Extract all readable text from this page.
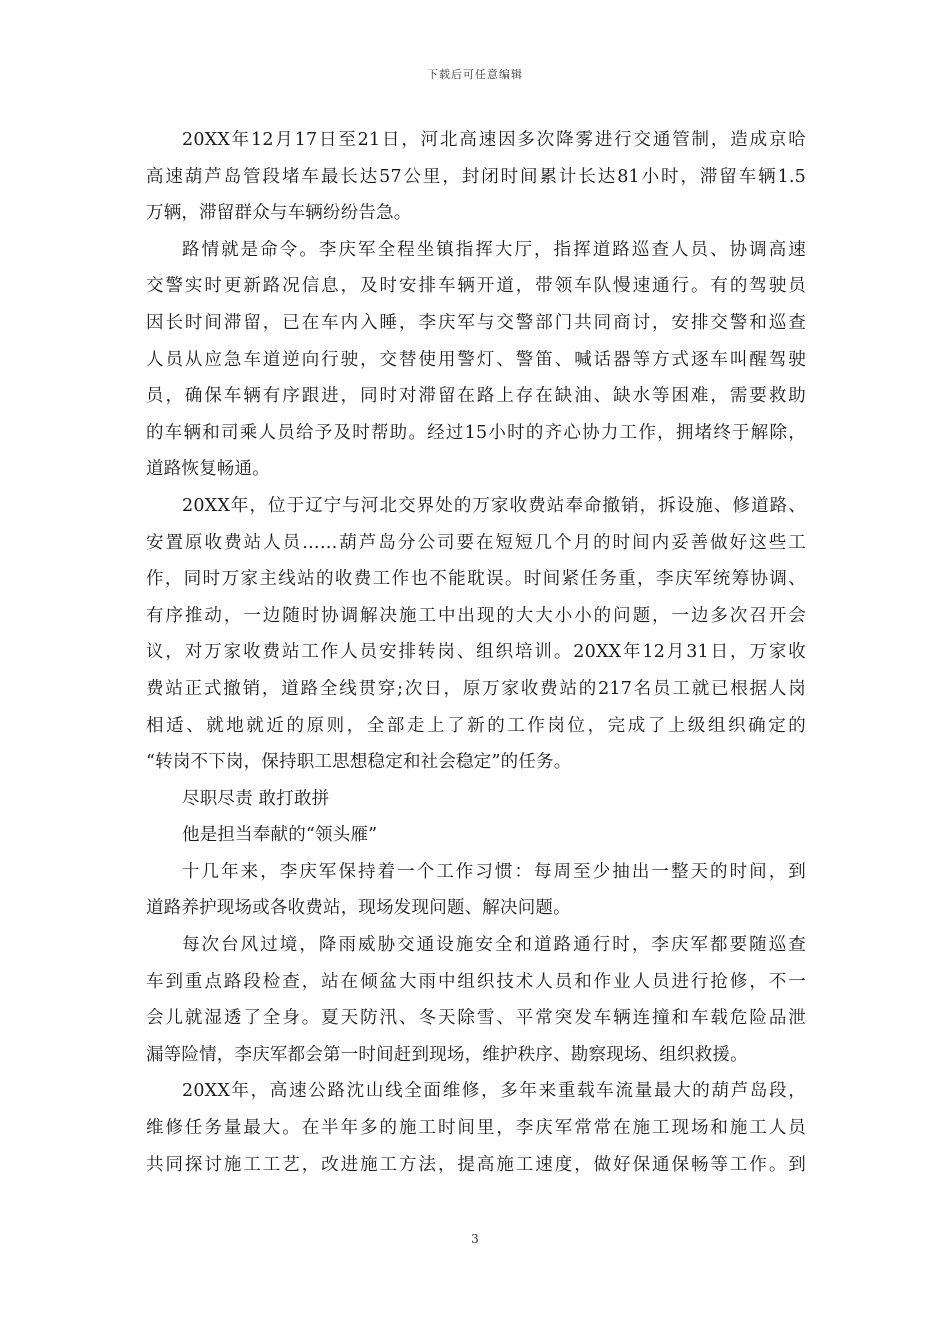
下载后可任意编辑
20XX年12月17日至21日，河北高速因多次降雾进行交通管制，造成京哈
高速葫芦岛管段堵车最长达57公里，封闭时间累计长达81小时，滞留车辆1.5
万辆，滞留群众与车辆纷纷告急。
路情就是命令。李庆军全程坐镇指挥大厅，指挥道路巡查人员、协调高速
交警实时更新路况信息，及时安排车辆开道，带领车队慢速通行。有的驾驶员
因长时间滞留，已在车内入睡，李庆军与交警部门共同商讨，安排交警和巡查
人员从应急车道逆向行驶，交替使用警灯、警笛、喊话器等方式逐车叫醒驾驶
员，确保车辆有序跟进，同时对滞留在路上存在缺油、缺水等困难，需要救助
的车辆和司乘人员给予及时帮助。经过15小时的齐心协力工作，拥堵终于解除，
道路恢复畅通。
20XX年，位于辽宁与河北交界处的万家收费站奉命撤销，拆设施、修道路、
安置原收费站人员……葫芦岛分公司要在短短几个月的时间内妥善做好这些工
作，同时万家主线站的收费工作也不能耽误。时间紧任务重，李庆军统筹协调、
有序推动，一边随时协调解决施工中出现的大大小小的问题，一边多次召开会
议，对万家收费站工作人员安排转岗、组织培训。20XX年12月31日，万家收
费站正式撤销，道路全线贯穿;次日，原万家收费站的217名员工就已根据人岗
相适、就地就近的原则，全部走上了新的工作岗位，完成了上级组织确定的
“转岗不下岗，保持职工思想稳定和社会稳定”的任务。
尽职尽责 敢打敢拼
他是担当奉献的“领头雁”
十几年来，李庆军保持着一个工作习惯：每周至少抽出一整天的时间，到
道路养护现场或各收费站，现场发现问题、解决问题。
每次台风过境，降雨威胁交通设施安全和道路通行时，李庆军都要随巡查
车到重点路段检查，站在倾盆大雨中组织技术人员和作业人员进行抢修，不一
会儿就湿透了全身。夏天防汛、冬天除雪、平常突发车辆连撞和车载危险品泄
漏等险情，李庆军都会第一时间赶到现场，维护秩序、勘察现场、组织救援。
20XX年，高速公路沈山线全面维修，多年来重载车流量最大的葫芦岛段，
维修任务量最大。在半年多的施工时间里，李庆军常常在施工现场和施工人员
共同探讨施工工艺，改进施工方法，提高施工速度，做好保通保畅等工作。到
3
